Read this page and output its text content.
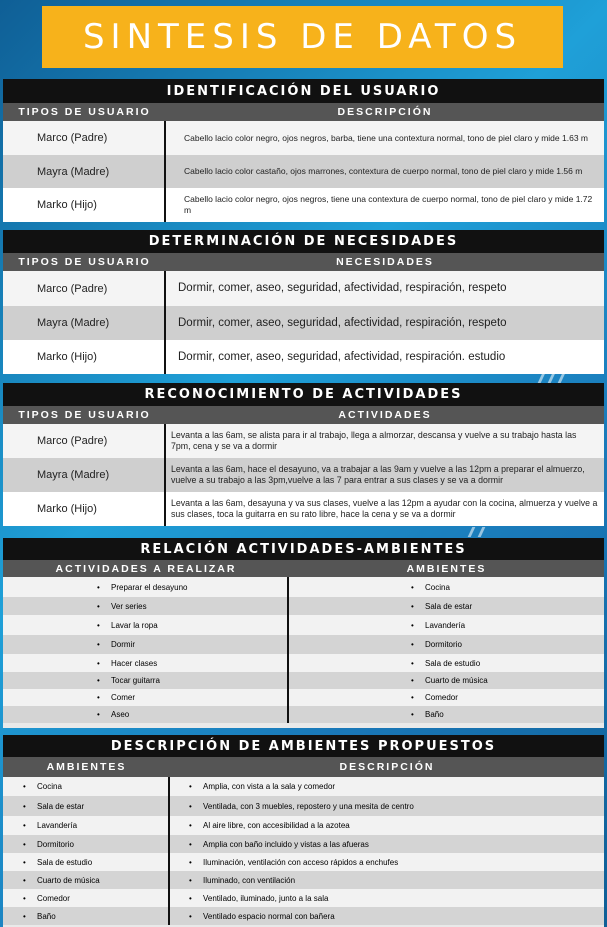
SINTESIS DE DATOS
IDENTIFICACIÓN DEL USUARIO
TIPOS DE USUARIO	DESCRIPCIÓN
Marco (Padre)	Cabello lacio color negro, ojos negros, barba, tiene una contextura normal, tono de piel claro y mide 1.63 m
Mayra (Madre)	Cabello lacio color castaño, ojos marrones, contextura de cuerpo normal, tono de piel claro y mide 1.56 m
Marko (Hijo)	Cabello lacio color negro, ojos negros, tiene una contextura de cuerpo normal, tono de piel claro y mide 1.72 m
DETERMINACIÓN DE NECESIDADES
TIPOS DE USUARIO	NECESIDADES
Marco (Padre)	Dormir, comer, aseo, seguridad, afectividad, respiración, respeto
Mayra (Madre)	Dormir, comer, aseo, seguridad, afectividad, respiración, respeto
Marko (Hijo)	Dormir, comer, aseo, seguridad, afectividad, respiración. estudio
RECONOCIMIENTO DE ACTIVIDADES
TIPOS DE USUARIO	ACTIVIDADES
Marco (Padre)	Levanta a las 6am, se alista para ir al trabajo, llega a almorzar, descansa y vuelve a su trabajo hasta las 7pm, cena y se va a dormir
Mayra (Madre)	Levanta a las 6am, hace el desayuno, va a trabajar a las 9am y vuelve a las 12pm a preparar el almuerzo, vuelve a su trabajo a las 3pm,vuelve a las 7 para entrar a sus clases y se va a dormir
Marko (Hijo)	Levanta a las 6am, desayuna y va sus clases, vuelve a las 12pm a ayudar con la cocina, almuerza y vuelve a sus clases, toca la guitarra en su rato libre, hace la cena y se va a dormir
RELACIÓN ACTIVIDADES-AMBIENTES
ACTIVIDADES A REALIZAR	AMBIENTES
• Preparar el desayuno	• Cocina
• Ver series	• Sala de estar
• Lavar la ropa	• Lavandería
• Dormir	• Dormitorio
• Hacer clases	• Sala de estudio
• Tocar guitarra	• Cuarto de música
• Comer	• Comedor
• Aseo	• Baño
DESCRIPCIÓN DE AMBIENTES PROPUESTOS
AMBIENTES	DESCRIPCIÓN
• Cocina	• Amplia, con vista a la sala y comedor
• Sala de estar	• Ventilada, con 3 muebles, repostero y una mesita de centro
• Lavandería	• Al aire libre, con accesibilidad a la azotea
• Dormitorio	• Amplia con baño incluido y vistas a las afueras
• Sala de estudio	• Iluminación, ventilación con acceso rápidos a enchufes
• Cuarto de música	• Iluminado, con ventilación
• Comedor	• Ventilado, iluminado, junto a la sala
• Baño	• Ventilado espacio normal con bañera
